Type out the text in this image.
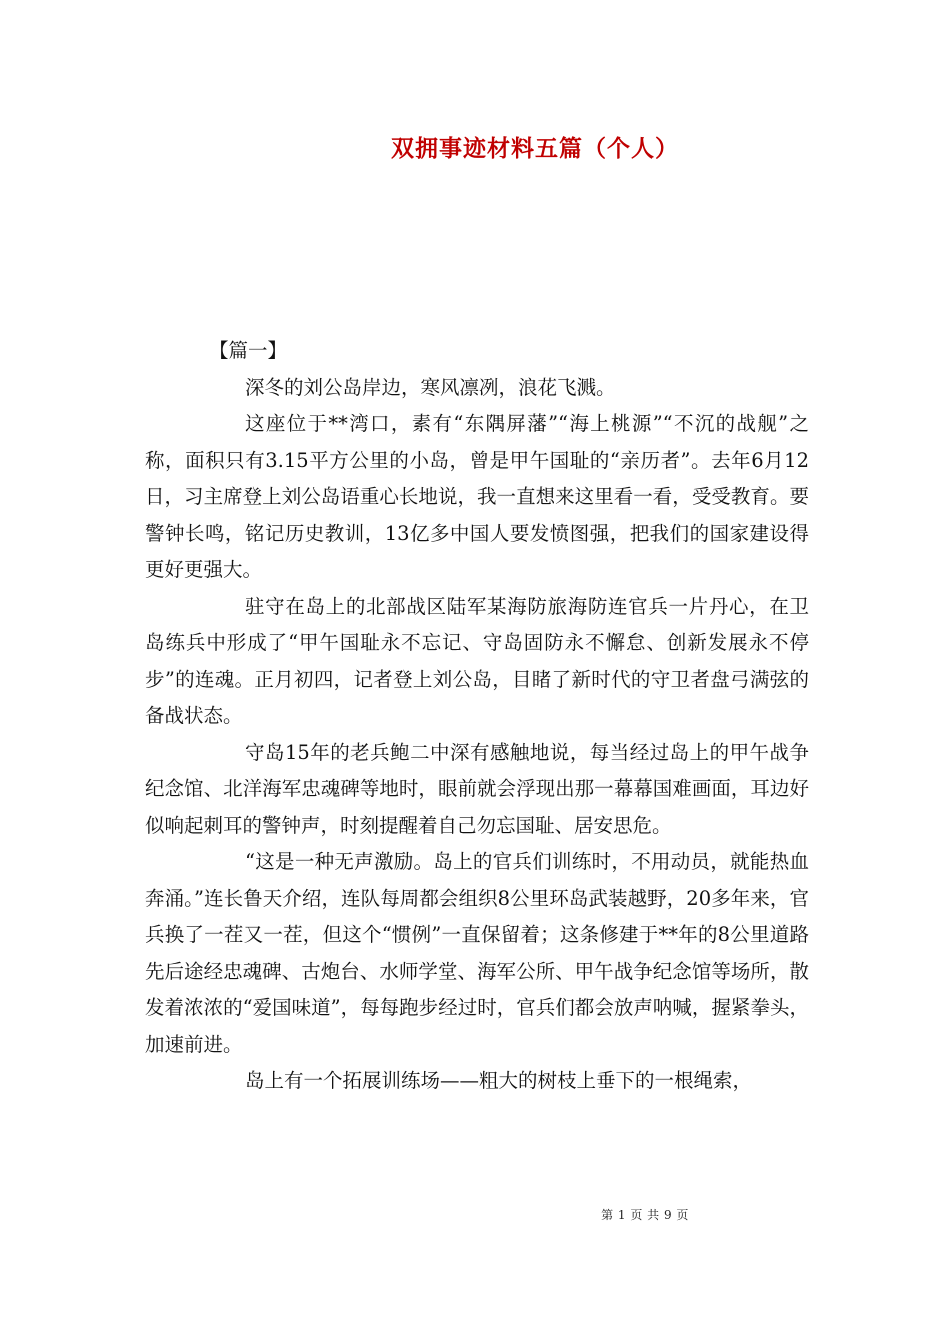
双拥事迹材料五篇（个人）

【篇一】

深冬的刘公岛岸边，寒风凛冽，浪花飞溅。

这座位于**湾口，素有“东隅屏藩”“海上桃源”“不沉的战舰”之称，面积只有3.15平方公里的小岛，曾是甲午国耻的“亲历者”。去年6月12日，习主席登上刘公岛语重心长地说，我一直想来这里看一看，受受教育。要警钟长鸣，铭记历史教训，13亿多中国人要发愤图强，把我们的国家建设得更好更强大。

驻守在岛上的北部战区陆军某海防旅海防连官兵一片丹心，在卫岛练兵中形成了“甲午国耻永不忘记、守岛固防永不懈怠、创新发展永不停步”的连魂。正月初四，记者登上刘公岛，目睹了新时代的守卫者盘弓满弦的备战状态。

守岛15年的老兵鲍二中深有感触地说，每当经过岛上的甲午战争纪念馆、北洋海军忠魂碑等地时，眼前就会浮现出那一幕幕国难画面，耳边好似响起刺耳的警钟声，时刻提醒着自己勿忘国耻、居安思危。

“这是一种无声激励。岛上的官兵们训练时，不用动员，就能热血奔涌。”连长鲁天介绍，连队每周都会组织8公里环岛武装越野，20多年来，官兵换了一茬又一茬，但这个“惯例”一直保留着；这条修建于**年的8公里道路先后途经忠魂碑、古炮台、水师学堂、海军公所、甲午战争纪念馆等场所，散发着浓浓的“爱国味道”，每每跑步经过时，官兵们都会放声呐喊，握紧拳头，加速前进。

岛上有一个拓展训练场——粗大的树枝上垂下的一根绳索，

第 1 页 共 9 页
